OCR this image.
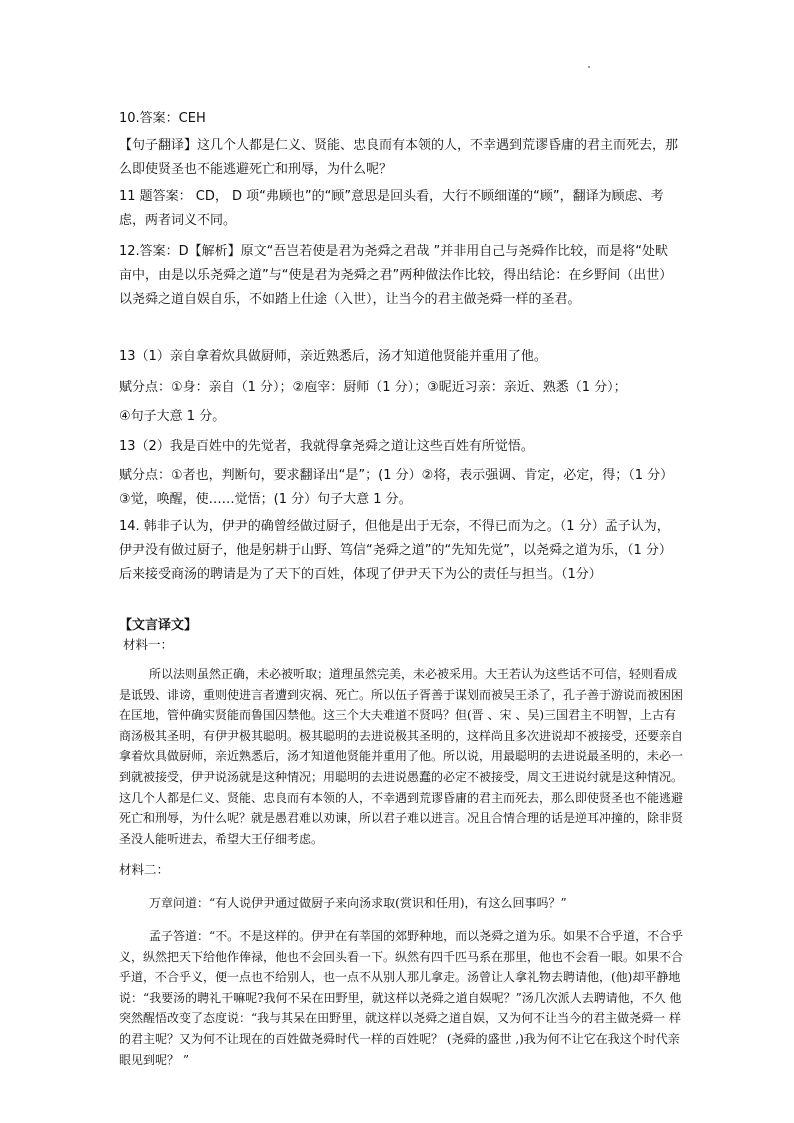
10.答案：CEH

【句子翻译】这几个人都是仁义、贤能、忠良而有本领的人，不幸遇到荒谬昏庸的君主而死去，那么即使贤圣也不能逃避死亡和刑辱，为什么呢？

11 题答案： CD， D 项“弗顾也”的“顾”意思是回头看，大行不顾细谨的“顾”，翻译为顾虑、考虑，两者词义不同。

12.答案：D【解析】原文“吾岂若使是君为尧舜之君哉 ”并非用自己与尧舜作比较，而是将“处畎亩中，由是以乐尧舜之道”与“使是君为尧舜之君”两种做法作比较，得出结论：在乡野间（出世） 以尧舜之道自娱自乐，不如踏上仕途（入世），让当今的君主做尧舜一样的圣君。

13（1）亲自拿着炊具做厨师，亲近熟悉后，汤才知道他贤能并重用了他。

赋分点：①身：亲自（1 分）；②庖宰：厨师（1 分）；③昵近习亲：亲近、熟悉（1 分）；

④句子大意 1 分。

13（2）我是百姓中的先觉者，我就得拿尧舜之道让这些百姓有所觉悟。

赋分点：①者也，判断句，要求翻译出“是”；(1 分）②将，表示强调、肯定，必定，得；（1 分）③觉，唤醒，使……觉悟；(1 分）句子大意 1 分。

14. 韩非子认为，伊尹的确曾经做过厨子，但他是出于无奈，不得已而为之。（1 分）孟子认为，伊尹没有做过厨子，他是躬耕于山野、笃信“尧舜之道”的“先知先觉”，以尧舜之道为乐，（1 分）后来接受商汤的聘请是为了天下的百姓，体现了伊尹天下为公的责任与担当。（1分）

【文言译文】
材料一：

所以法则虽然正确，未必被听取；道理虽然完美，未必被采用。大王若认为这些话不可信，轻则看成是诋毁、诽谤，重则使进言者遭到灾祸、死亡。所以伍子胥善于谋划而被吴王杀了，孔子善于游说而被困困在匡地，管仲确实贤能而鲁国囚禁他。这三个大夫难道不贤吗？但(晋 、宋 、吴)三国君主不明智，上古有商汤极其圣明，有伊尹极其聪明。极其聪明的去进说极其圣明的，这样尚且多次进说却不被接受，还要亲自拿着炊具做厨师，亲近熟悉后，汤才知道他贤能并重用了他。所以说，用最聪明的去进说最圣明的，未必一到就被接受，伊尹说汤就是这种情况；用聪明的去进说愚蠢的必定不被接受，周文王进说纣就是这种情况。这几个人都是仁义、贤能、忠良而有本领的人，不幸遇到荒谬昏庸的君主而死去，那么即使贤圣也不能逃避死亡和刑辱，为什么呢？就是愚君难以劝谏，所以君子难以进言。况且合情合理的话是逆耳冲撞的，除非贤圣没人能听进去，希望大王仔细考虑。

材料二：

万章问道：“有人说伊尹通过做厨子来向汤求取(赏识和任用)，有这么回事吗？”

孟子答道：“不。不是这样的。伊尹在有莘国的郊野种地，而以尧舜之道为乐。如果不合乎道，不合乎义，纵然把天下给他作俸禄，他也不会回头看一下。纵然有四千匹马系在那里，他也不会看一眼。如果不合乎道，不合乎义，便一点也不给别人，也一点不从别人那儿拿走。汤曾让人拿礼物去聘请他，(他)却平静地说：“我要汤的聘礼干嘛呢?我何不呆在田野里，就这样以尧舜之道自娱呢？”汤几次派人去聘请他，不久 他突然醒悟改变了态度说：“我与其呆在田野里，就这样以尧舜之道自娱，又为何不让当今的君主做尧舜一 样 的君主呢？又为何不让现在的百姓做尧舜时代一样的百姓呢？ (尧舜的盛世 ,)我为何不让它在我这个时代亲眼见到呢？ ”
